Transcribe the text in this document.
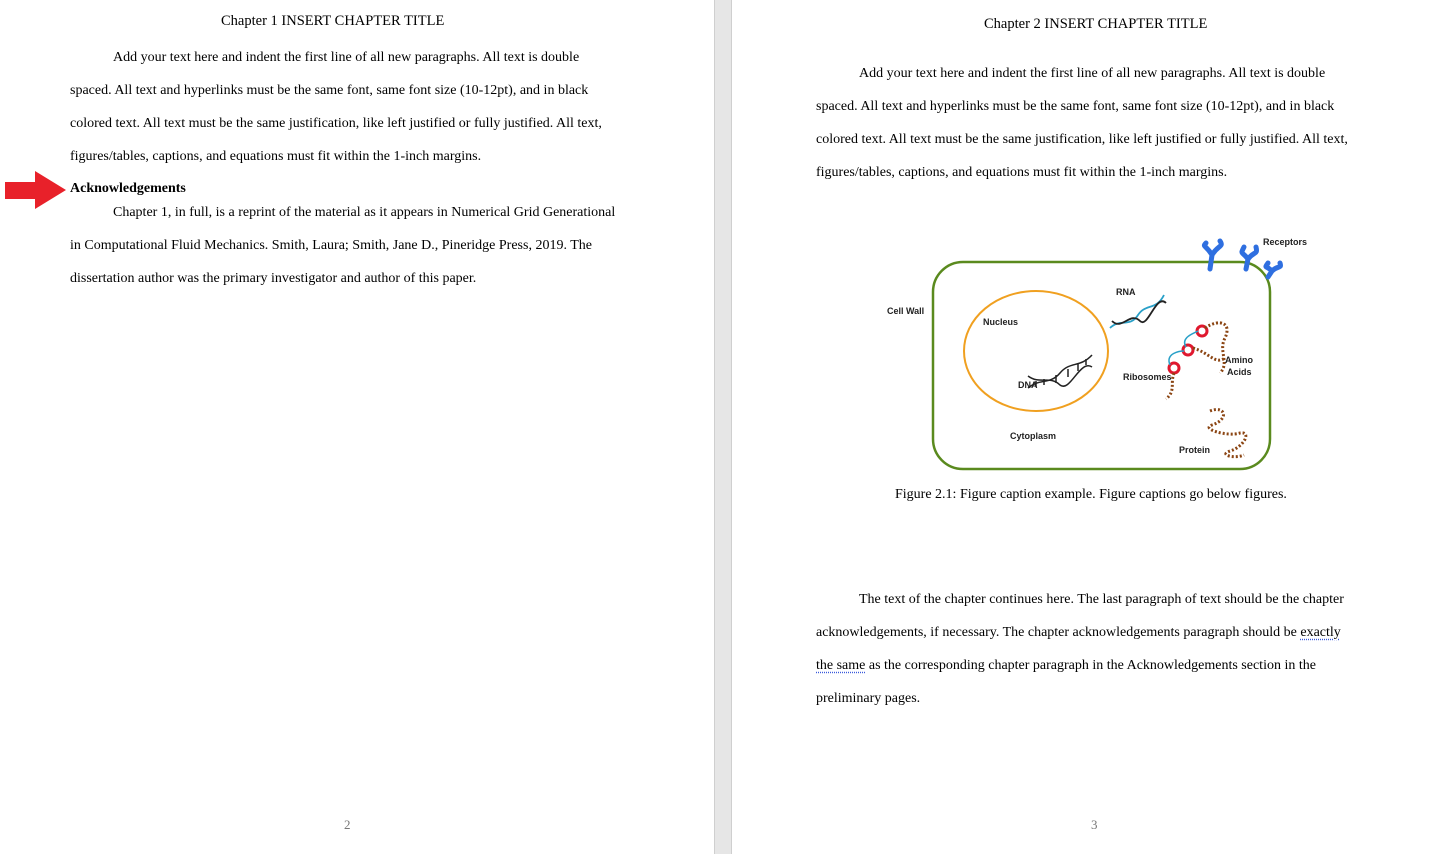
Chapter 1 INSERT CHAPTER TITLE
Add your text here and indent the first line of all new paragraphs. All text is double
spaced. All text and hyperlinks must be the same font, same font size (10-12pt), and in black
colored text. All text must be the same justification, like left justified or fully justified. All text,
figures/tables, captions, and equations must fit within the 1-inch margins.
Acknowledgements
Chapter 1, in full, is a reprint of the material as it appears in Numerical Grid Generational
in Computational Fluid Mechanics. Smith, Laura; Smith, Jane D., Pineridge Press, 2019. The
dissertation author was the primary investigator and author of this paper.
2
Chapter 2 INSERT CHAPTER TITLE
Add your text here and indent the first line of all new paragraphs. All text is double
spaced. All text and hyperlinks must be the same font, same font size (10-12pt), and in black
colored text. All text must be the same justification, like left justified or fully justified. All text,
figures/tables, captions, and equations must fit within the 1-inch margins.
Figure 2.1: Figure caption example. Figure captions go below figures.
The text of the chapter continues here. The last paragraph of text should be the chapter
acknowledgements, if necessary. The chapter acknowledgements paragraph should be exactly
the same as the corresponding chapter paragraph in the Acknowledgements section in the
preliminary pages.
3
Receptors
RNA
Cell Wall
Nucleus
DNA
Ribosomes
Amino
Acids
Cytoplasm
Protein
